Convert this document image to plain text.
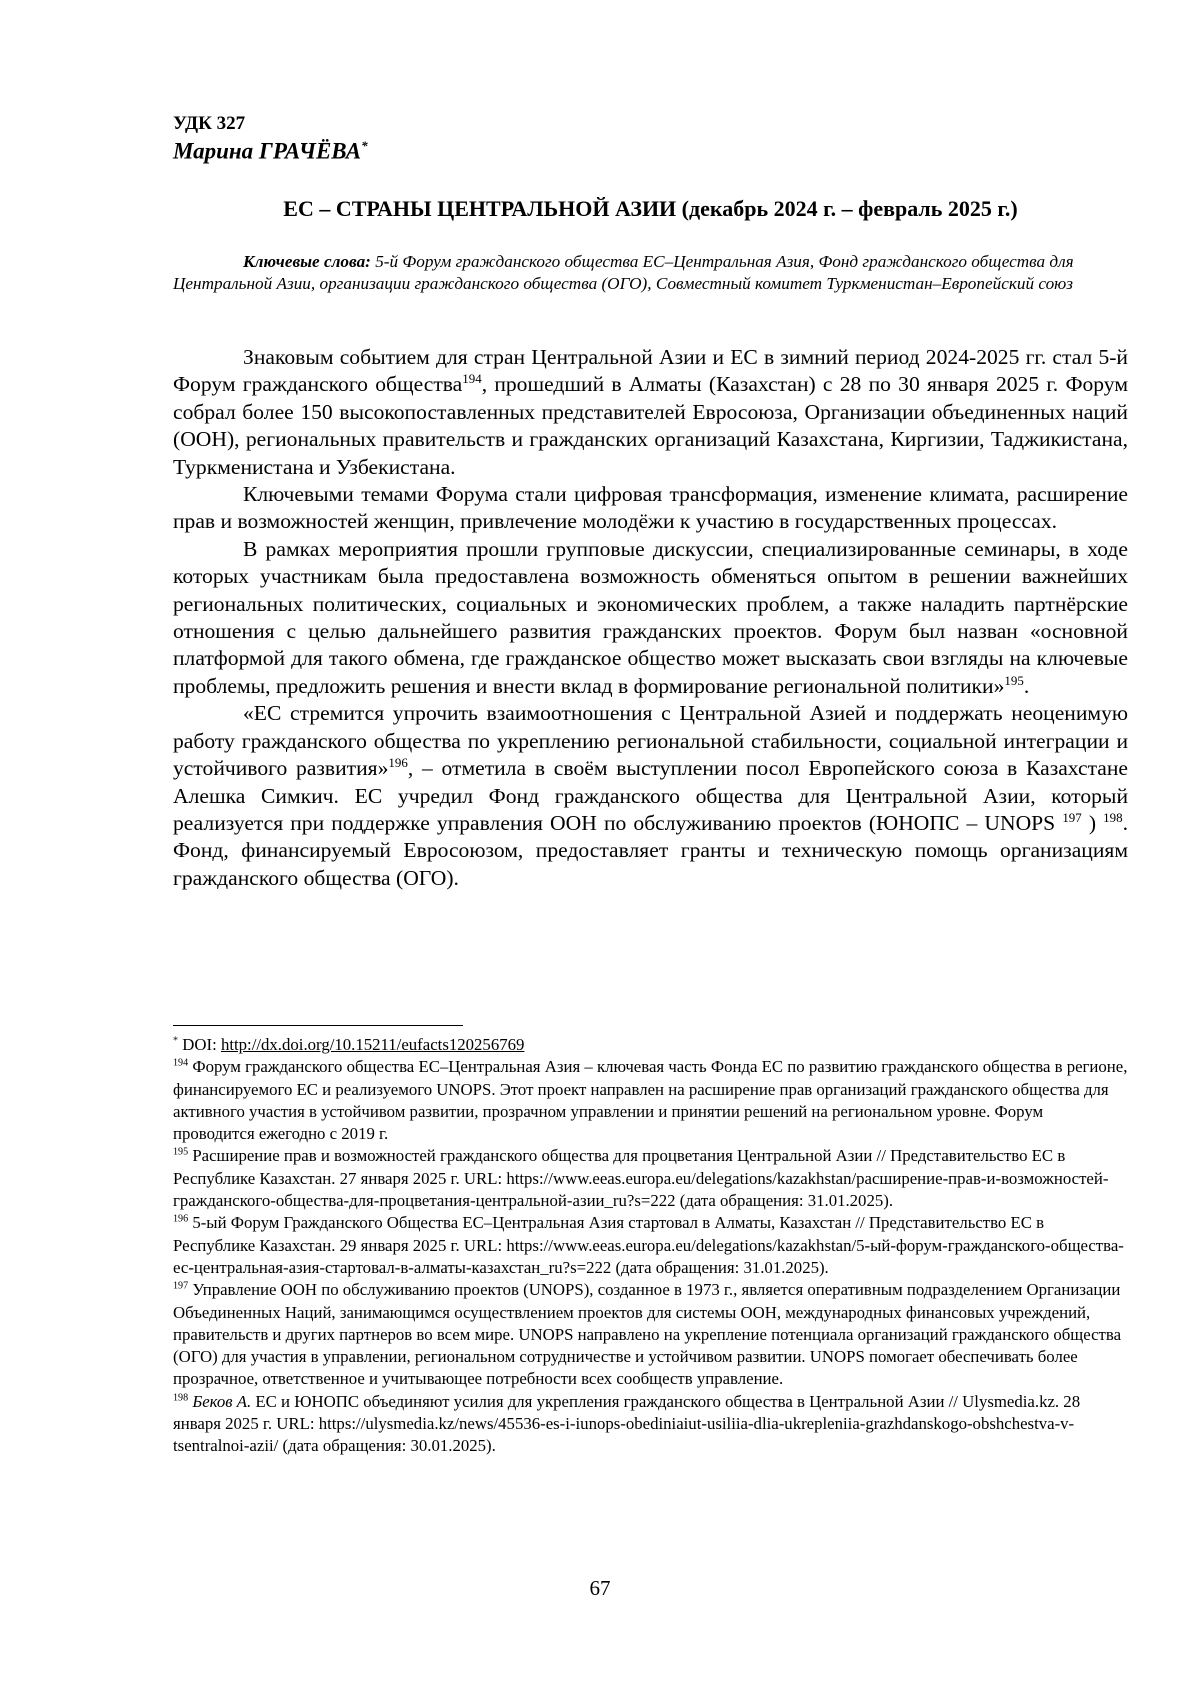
УДК 327
Марина ГРАЧЁВА*
ЕС – СТРАНЫ ЦЕНТРАЛЬНОЙ АЗИИ (декабрь 2024 г. – февраль 2025 г.)
Ключевые слова: 5-й Форум гражданского общества ЕС–Центральная Азия, Фонд гражданского общества для Центральной Азии, организации гражданского общества (ОГО), Совместный комитет Туркменистан–Европейский союз

Знаковым событием для стран Центральной Азии и ЕС в зимний период 2024-2025 гг. стал 5-й Форум гражданского общества$^{194}$, прошедший в Алматы (Казахстан) с 28 по 30 января 2025 г. Форум собрал более 150 высокопоставленных представителей Евросоюза, Организации объединенных наций (ООН), региональных правительств и гражданских организаций Казахстана, Киргизии, Таджикистана, Туркменистана и Узбекистана.

Ключевыми темами Форума стали цифровая трансформация, изменение климата, расширение прав и возможностей женщин, привлечение молодёжи к участию в государственных процессах.

В рамках мероприятия прошли групповые дискуссии, специализированные семинары, в ходе которых участникам была предоставлена возможность обменяться опытом в решении важнейших региональных политических, социальных и экономических проблем, а также наладить партнёрские отношения с целью дальнейшего развития гражданских проектов. Форум был назван «основной платформой для такого обмена, где гражданское общество может высказать свои взгляды на ключевые проблемы, предложить решения и внести вклад в формирование региональной политики»$^{195}$.

«ЕС стремится упрочить взаимоотношения с Центральной Азией и поддержать неоценимую работу гражданского общества по укреплению региональной стабильности, социальной интеграции и устойчивого развития»$^{196}$, – отметила в своём выступлении посол Европейского союза в Казахстане Алешка Симкич. ЕС учредил Фонд гражданского общества для Центральной Азии, который реализуется при поддержке управления ООН по обслуживанию проектов (ЮНОПС – UNOPS $^{197}$ ) $^{198}$. Фонд, финансируемый Евросоюзом, предоставляет гранты и техническую помощь организациям гражданского общества (ОГО).

* DOI: http://dx.doi.org/10.15211/eufacts120256769

$^{194}$ Форум гражданского общества ЕС–Центральная Азия – ключевая часть Фонда ЕС по развитию гражданского общества в регионе, финансируемого ЕС и реализуемого UNOPS. Этот проект направлен на расширение прав организаций гражданского общества для активного участия в устойчивом развитии, прозрачном управлении и принятии решений на региональном уровне. Форум проводится ежегодно с 2019 г.

$^{195}$ Расширение прав и возможностей гражданского общества для процветания Центральной Азии // Представительство ЕС в Республике Казахстан. 27 января 2025 г. URL: https://www.eeas.europa.eu/delegations/kazakhstan/расширение-прав-и-возможностей-гражданского-общества-для-процветания-центральной-азии_ru?s=222 (дата обращения: 31.01.2025).

$^{196}$ 5-ый Форум Гражданского Общества ЕС–Центральная Азия стартовал в Алматы, Казахстан // Представительство ЕС в Республике Казахстан. 29 января 2025 г. URL: https://www.eeas.europa.eu/delegations/kazakhstan/5-ый-форум-гражданского-общества-ес-центральная-азия-стартовал-в-алматы-казахстан_ru?s=222 (дата обращения: 31.01.2025).

$^{197}$ Управление ООН по обслуживанию проектов (UNOPS), созданное в 1973 г., является оперативным подразделением Организации Объединенных Наций, занимающимся осуществлением проектов для системы ООН, международных финансовых учреждений, правительств и других партнеров во всем мире. UNOPS направлено на укрепление потенциала организаций гражданского общества (ОГО) для участия в управлении, региональном сотрудничестве и устойчивом развитии. UNOPS помогает обеспечивать более прозрачное, ответственное и учитывающее потребности всех сообществ управление.

$^{198}$ Беков А. ЕС и ЮНОПС объединяют усилия для укрепления гражданского общества в Центральной Азии // Ulysmedia.kz. 28 января 2025 г. URL: https://ulysmedia.kz/news/45536-es-i-iunops-obediniaiut-usiliia-dlia-ukrepleniia-grazhdanskogo-obshchestva-v-tsentralnoi-azii/ (дата обращения: 30.01.2025).

67
